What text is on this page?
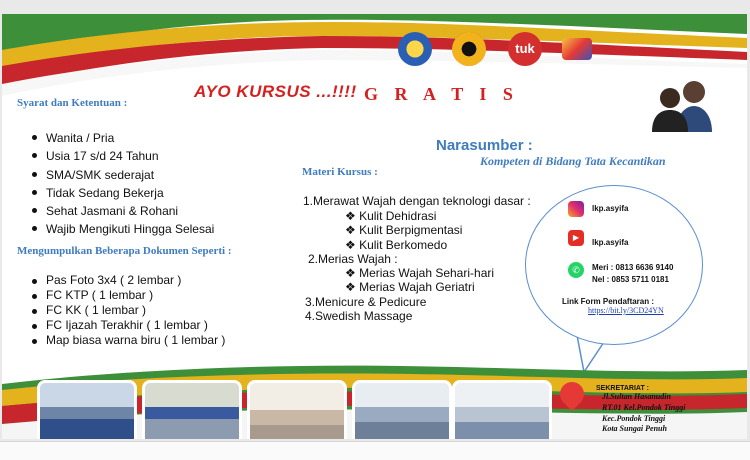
tuk
AYO KURSUS ...!!!! G R A T I S
Syarat dan Ketentuan :
Wanita / Pria
Usia 17 s/d 24 Tahun
SMA/SMK sederajat
Tidak Sedang Bekerja
Sehat Jasmani & Rohani
Wajib Mengikuti Hingga Selesai
Mengumpulkan Beberapa Dokumen Seperti :
Pas Foto 3x4 ( 2 lembar )
FC KTP ( 1 lembar )
FC KK ( 1 lembar )
FC Ijazah Terakhir ( 1 lembar )
Map biasa warna biru ( 1 lembar )
Narasumber :
Kompeten di Bidang Tata Kecantikan
Materi Kursus :
1.Merawat Wajah dengan teknologi dasar :
❖ Kulit Dehidrasi
❖ Kulit Berpigmentasi
❖ Kulit Berkomedo
2.Merias Wajah :
❖ Merias Wajah Sehari-hari
❖ Merias Wajah Geriatri
3.Menicure & Pedicure
4.Swedish Massage
lkp.asyifa
▶
lkp.asyifa
✆	Meri : 0813 6636 9140
Nel : 0853 5711 0181
Link Form Pendaftaran :
https://bit.ly/3CD24YN
SEKRETARIAT :
Jl.Sultan Hasanudin
RT.01 Kel.Pondok Tinggi
Kec.Pondok Tinggi
Kota Sungai Penuh
